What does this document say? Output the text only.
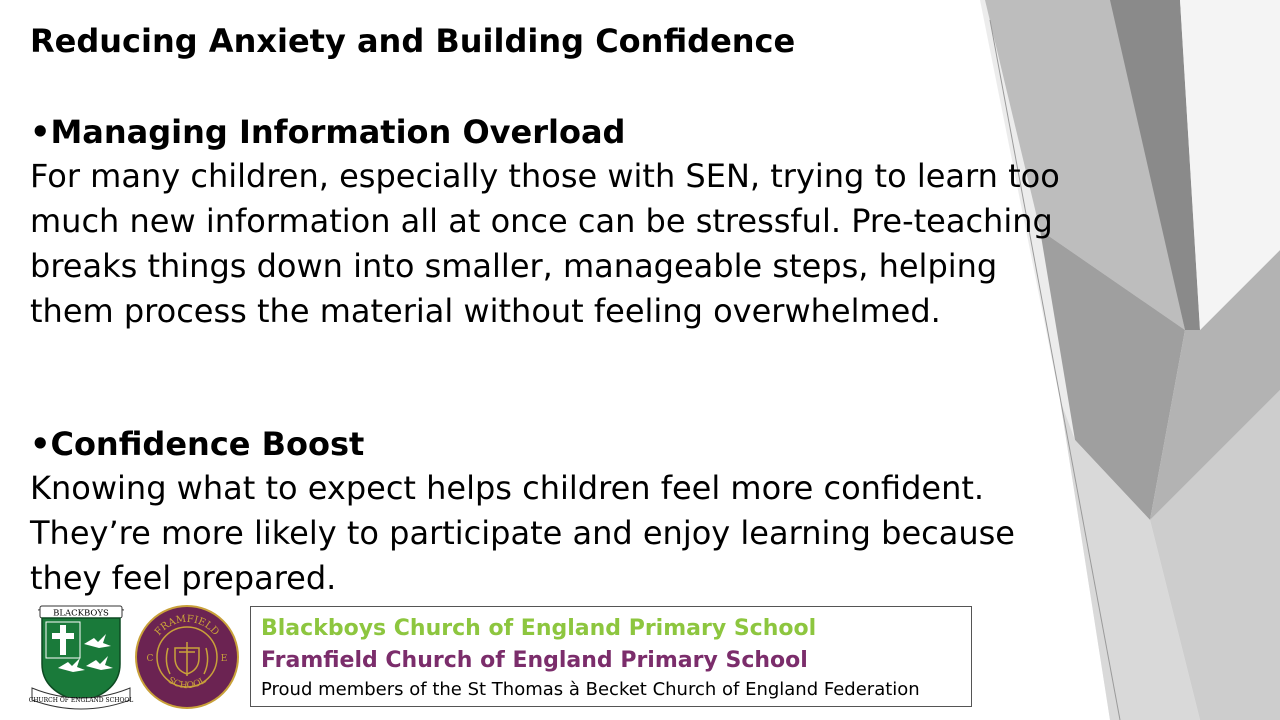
Reducing Anxiety and Building Confidence
•Managing Information Overload
For many children, especially those with SEN, trying to learn too much new information all at once can be stressful. Pre-teaching breaks things down into smaller, manageable steps, helping them process the material without feeling overwhelmed.
•Confidence Boost
Knowing what to expect helps children feel more confident. They’re more likely to participate and enjoy learning because they feel prepared.
BLACKBOYS
CHURCH OF ENGLAND SCHOOL
FRAMFIELD
SCHOOL
C	E
Blackboys Church of England Primary School
Framfield Church of England Primary School
Proud members of the St Thomas à Becket Church of England Federation
